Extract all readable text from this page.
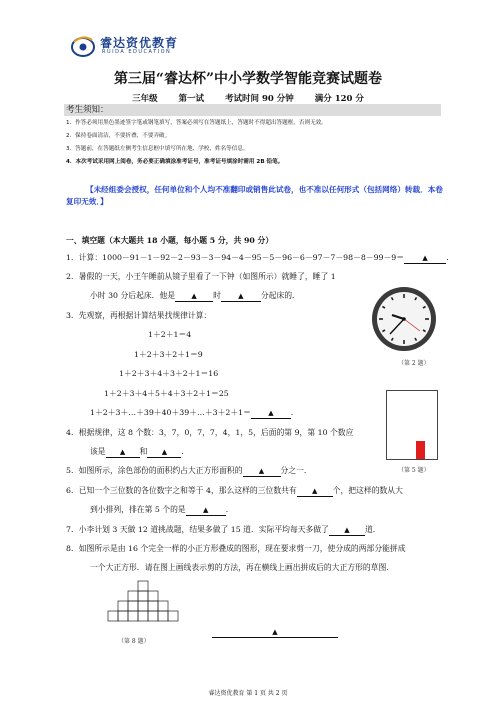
睿达资优教育
RUIDA EDUCATION
第三届“睿达杯”中小学数学智能竞赛试题卷
三年级 第一试 考试时间 90 分钟 满分 120 分
考生须知：
1．作答必须用黑色墨迹签字笔或钢笔填写，答案必须写在答题纸上，答题时不得超出答题框，否则无效。
2．保持卷面清洁，不要折叠，不要弄破。
3．答题前，在答题纸左侧考生信息框中填写所在地、学校、姓名等信息。
4．本次考试采用网上阅卷，务必要正确填涂准考证号，准考证号填涂时需用 2B 铅笔。
【未经组委会授权，任何单位和个人均不准翻印或销售此试卷，也不准以任何形式（包括网络）转载．本卷复印无效．】
一、填空题（本大题共 18 小题，每小题 5 分，共 90 分）
1．计算：1000－91－1－92－2－93－3－94－4－95－5－96－6－97－7－98－8－99－9＝	▲ ．
2．暑假的一天，小王午睡前从镜子里看了一下钟（如图所示）就睡了，睡了 1
小时 30 分后起床．他是 ▲ 时 ▲ 分起床的．
（第 2 题）
3．先观察，再根据计算结果找规律计算：
1＋2＋1＝4
1＋2＋3＋2＋1＝9
1＋2＋3＋4＋3＋2＋1＝16
1＋2＋3＋4＋5＋4＋3＋2＋1＝25
1＋2＋3＋…＋39＋40＋39＋…＋3＋2＋1＝ ▲ ．
（第 5 题）
4．根据规律，这 8 个数：3，7，0，7，7，4，1，5，后面的第 9，第 10 个数应
该是 ▲ 和 ▲ ．
5．如图所示，涂色部份的面积约占大正方形面积的 ▲ 分之一．
6．已知一个三位数的各位数字之和等于 4，那么这样的三位数共有 ▲ 个，把这样的数从大
到小排列，排在第 5 个的是 ▲ ．
7．小李计划 3 天做 12 道挑战题，结果多做了 15 道．实际平均每天多做了 ▲ 道．
8．如图所示是由 16 个完全一样的小正方形叠成的图形，现在要求剪一刀，使分成的两部分能拼成
一个大正方形．请在图上画线表示剪的方法，再在横线上画出拼成后的大正方形的草图．
（第 8 题）
▲
睿达资优教育 第 1 页 共 2 页
